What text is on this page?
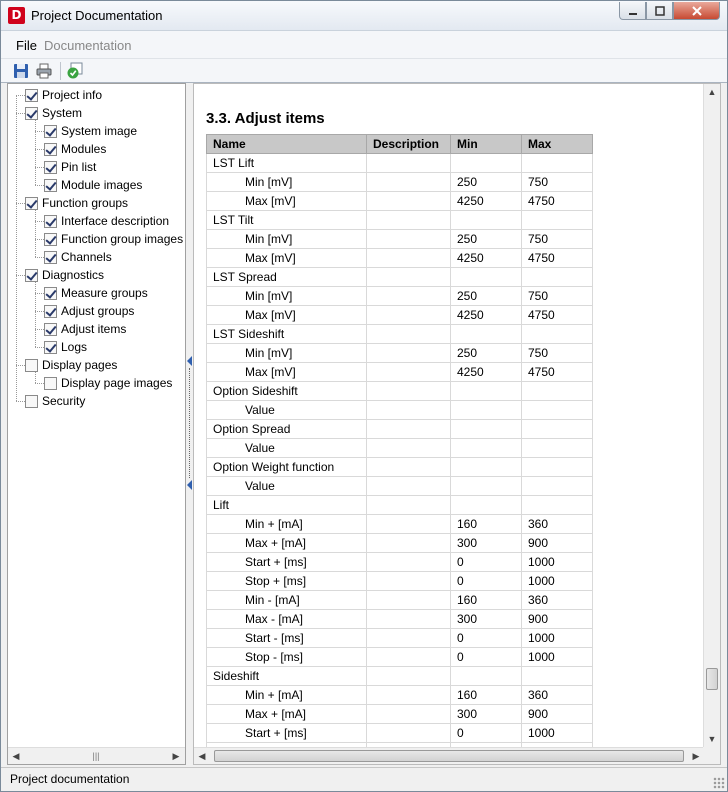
D Project Documentation
File Documentation
Project info
System
System image
Modules
Pin list
Module images
Function groups
Interface description
Function group images
Channels
Diagnostics
Measure groups
Adjust groups
Adjust items
Logs
Display pages
Display page images
Security
◀	|||	▶
3.3. Adjust items
Name	Description	Min	Max
LST Lift			
Min [mV]		250	750
Max [mV]		4250	4750
LST Tilt			
Min [mV]		250	750
Max [mV]		4250	4750
LST Spread			
Min [mV]		250	750
Max [mV]		4250	4750
LST Sideshift			
Min [mV]		250	750
Max [mV]		4250	4750
Option Sideshift			
Value			
Option Spread			
Value			
Option Weight function			
Value			
Lift			
Min + [mA]		160	360
Max + [mA]		300	900
Start + [ms]		0	1000
Stop + [ms]		0	1000
Min - [mA]		160	360
Max - [mA]		300	900
Start - [ms]		0	1000
Stop - [ms]		0	1000
Sideshift			
Min + [mA]		160	360
Max + [mA]		300	900
Start + [ms]		0	1000

▲
▼
◀	▶
Project documentation
